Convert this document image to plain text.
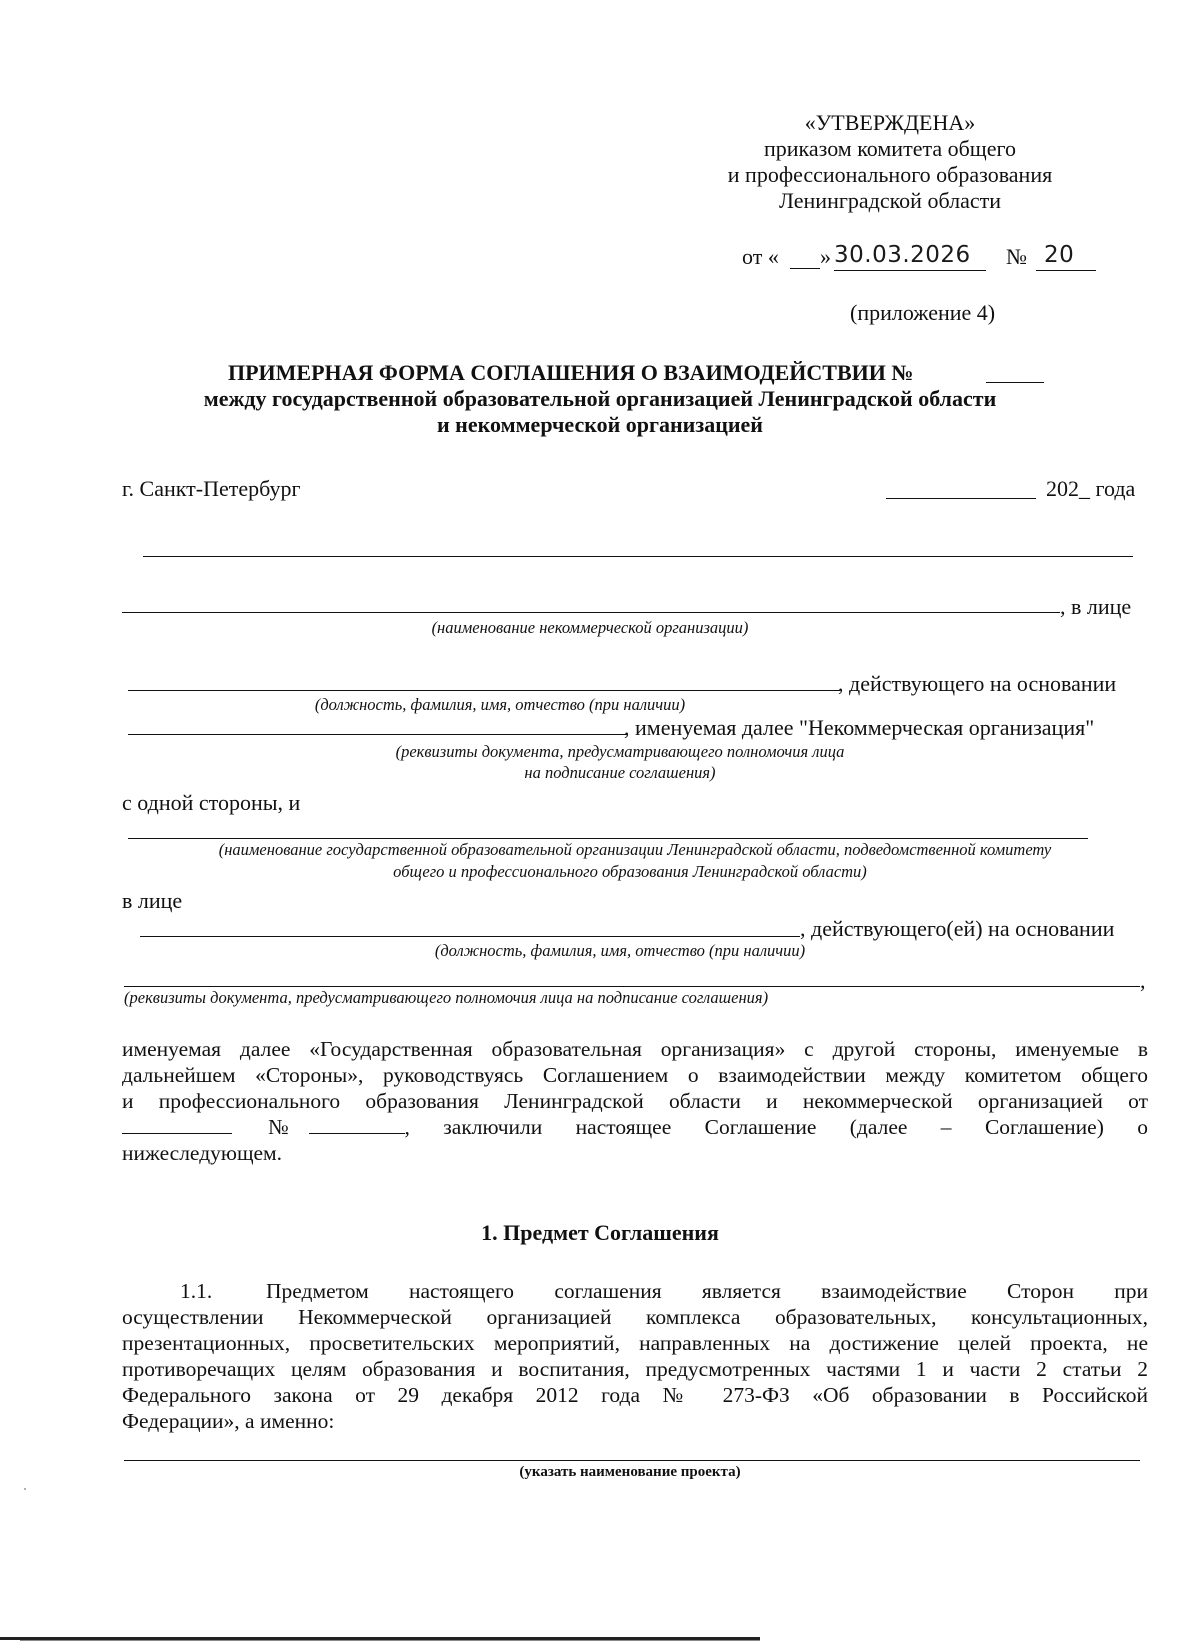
«УТВЕРЖДЕНА»
приказом комитета общего
и профессионального образования
Ленинградской области
от « » 30.03.2026 № 20
(приложение 4)
ПРИМЕРНАЯ ФОРМА СОГЛАШЕНИЯ О ВЗАИМОДЕЙСТВИИ №
между государственной образовательной организацией Ленинградской области
и некоммерческой организацией
г. Санкт-Петербург	202_ года
, в лице
(наименование некоммерческой организации)
, действующего на основании
(должность, фамилия, имя, отчество (при наличии)
, именуемая далее "Некоммерческая организация"
(реквизиты документа, предусматривающего полномочия лица
на подписание соглашения)
с одной стороны, и
(наименование государственной образовательной организации Ленинградской области, подведомственной комитету
общего и профессионального образования Ленинградской области)
в лице
, действующего(ей) на основании
(должность, фамилия, имя, отчество (при наличии)
,
(реквизиты документа, предусматривающего полномочия лица на подписание соглашения)
именуемая далее «Государственная образовательная организация» с другой стороны, именуемые в
дальнейшем «Стороны», руководствуясь Соглашением о взаимодействии между комитетом общего
и профессионального образования Ленинградской области и некоммерческой организацией от
№	, заключили настоящее Соглашение (далее – Соглашение) о
нижеследующем.
1. Предмет Соглашения
1.1.	Предметом настоящего соглашения является взаимодействие Сторон при
осуществлении Некоммерческой организацией комплекса образовательных, консультационных,
презентационных, просветительских мероприятий, направленных на достижение целей проекта, не
противоречащих целям образования и воспитания, предусмотренных частями 1 и части 2 статьи 2
Федерального закона от 29 декабря 2012 года № 273-ФЗ «Об образовании в Российской
Федерации», а именно:
(указать наименование проекта)
